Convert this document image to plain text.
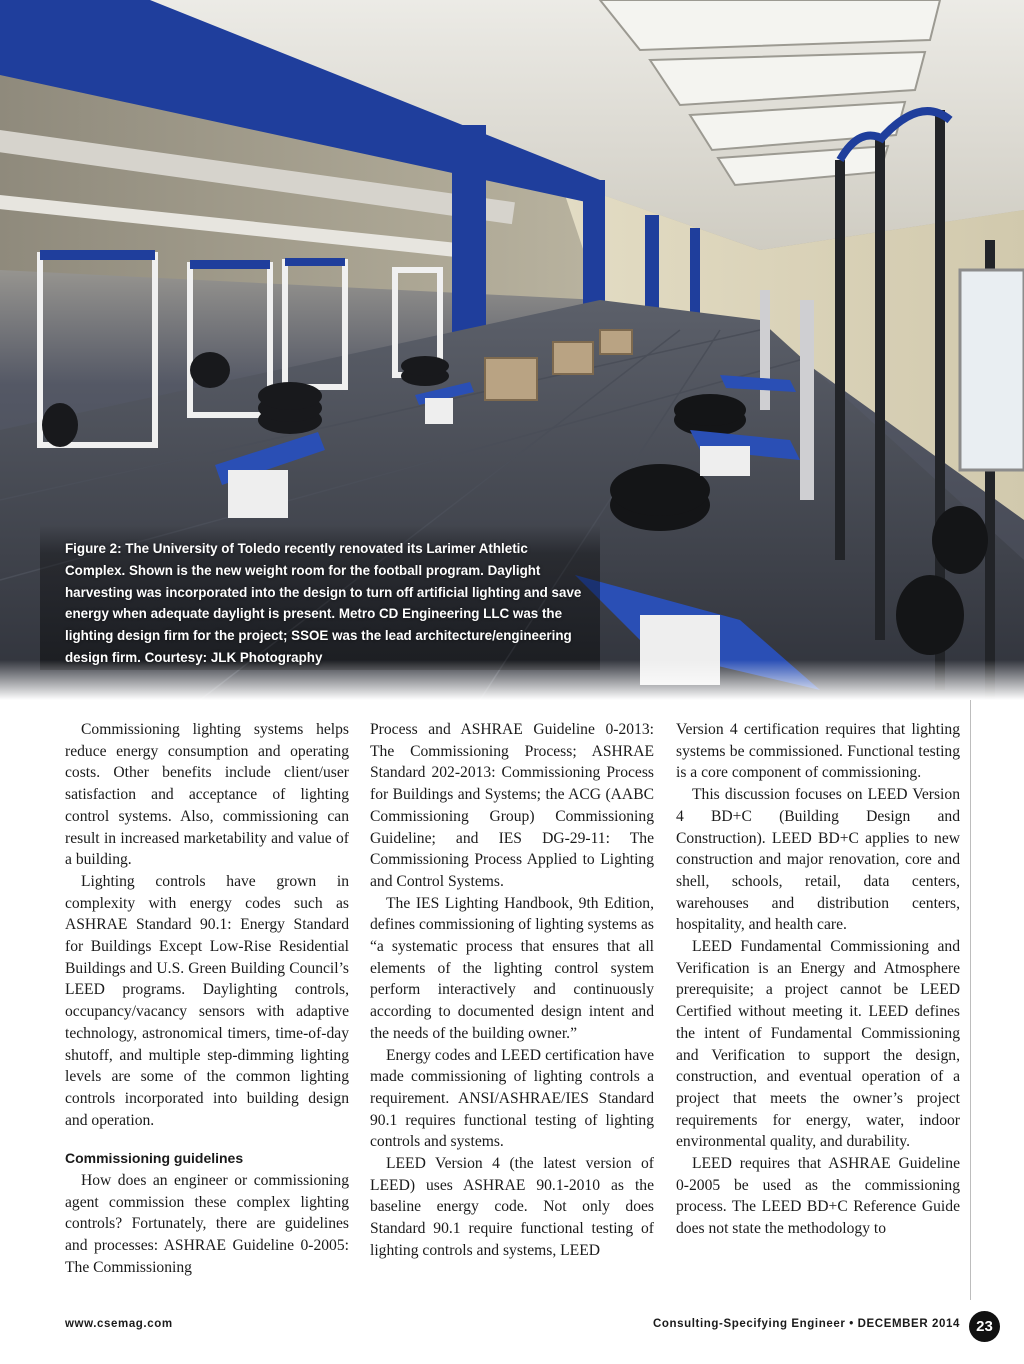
Figure 2: The University of Toledo recently renovated its Larimer Athletic Complex. Shown is the new weight room for the football program. Daylight harvesting was incorporated into the design to turn off artificial lighting and save energy when adequate daylight is present. Metro CD Engineering LLC was the lighting design firm for the project; SSOE was the lead architecture/engineering design firm. Courtesy: JLK Photography

Commissioning lighting systems helps reduce energy consumption and operating costs. Other benefits include client/user satisfaction and acceptance of lighting control systems. Also, commissioning can result in increased marketability and value of a building.

Lighting controls have grown in complexity with energy codes such as ASHRAE Standard 90.1: Energy Standard for Buildings Except Low-Rise Residential Buildings and U.S. Green Building Council’s LEED programs. Daylighting controls, occupancy/vacancy sensors with adaptive technology, astronomical timers, time-of-day shutoff, and multiple step-dimming lighting levels are some of the common lighting controls incorporated into building design and operation.

Commissioning guidelines

How does an engineer or commissioning agent commission these complex lighting controls? Fortunately, there are guidelines and processes: ASHRAE Guideline 0-2005: The Commissioning

Process and ASHRAE Guideline 0-2013: The Commissioning Process; ASHRAE Standard 202-2013: Commissioning Process for Buildings and Systems; the ACG (AABC Commissioning Group) Commissioning Guideline; and IES DG-29-11: The Commissioning Process Applied to Lighting and Control Systems.

The IES Lighting Handbook, 9th Edition, defines commissioning of lighting systems as “a systematic process that ensures that all elements of the lighting control system perform interactively and continuously according to documented design intent and the needs of the building owner.”

Energy codes and LEED certification have made commissioning of lighting controls a requirement. ANSI/ASHRAE/IES Standard 90.1 requires functional testing of lighting controls and systems.

LEED Version 4 (the latest version of LEED) uses ASHRAE 90.1-2010 as the baseline energy code. Not only does Standard 90.1 require functional testing of lighting controls and systems, LEED

Version 4 certification requires that lighting systems be commissioned. Functional testing is a core component of commissioning.

This discussion focuses on LEED Version 4 BD+C (Building Design and Construction). LEED BD+C applies to new construction and major renovation, core and shell, schools, retail, data centers, warehouses and distribution centers, hospitality, and health care.

LEED Fundamental Commissioning and Verification is an Energy and Atmosphere prerequisite; a project cannot be LEED Certified without meeting it. LEED defines the intent of Fundamental Commissioning and Verification to support the design, construction, and eventual operation of a project that meets the owner’s project requirements for energy, water, indoor environmental quality, and durability.

LEED requires that ASHRAE Guideline 0-2005 be used as the commissioning process. The LEED BD+C Reference Guide does not state the methodology to

www.csemag.com	Consulting-Specifying Engineer • DECEMBER 2014	23
